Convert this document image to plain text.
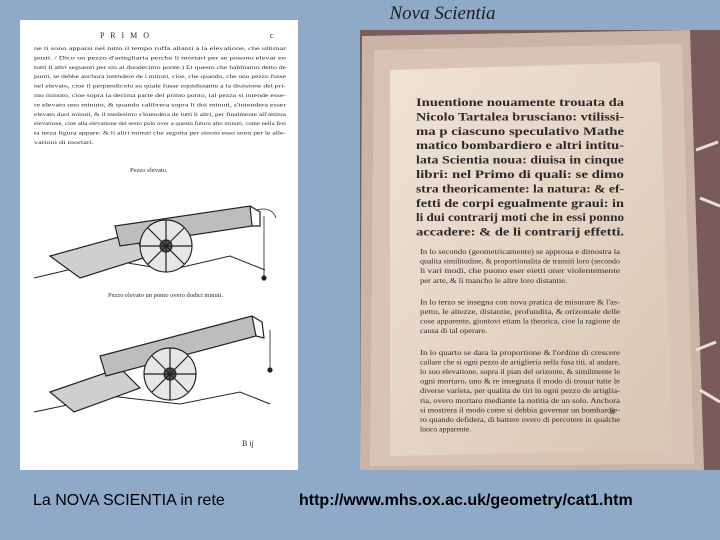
Nova Scientia
P R I M O	c
ne ti sono apparsi nel tutto il tempo ruffa allanti a la elevatione, che ultimar
posti. / Dico un pezzo d'artegliaria perche li mortari per se posono elevar en
tutti li altri seguenti per sin al duodecimo ponte.) Et questo che habbiamo detto de
punti, se debbe anchora intendere de i minuti, cioe, che quando, che uno pezzo fusse
nel elevato, cioe il perpendicolo su quale fusse equidistante a la diuisione del pri-
mo minuto, cioe sopra la decima parte del primo ponto, tal pezzo si intende esse-
re elevato uno minuto, & quando calibrera sopra li dui minuti, s'intendera esser
elevato duoi minuti, & il medesimo s'intendera de tutti li altri, per finalmente all'ottima
elevatione, cioe alla elevatione del sesto polo over a questo futuro alto minuti, come nella fesi
ta terza figura appare: & li altri minuti che seguita per sinoin esso sono per le alle-
vationi di mortari.
Pezzo elevato.
Pezzo elevato un ponto overo dodici minuti.
B ij
Inuentione nouamente trouata da
Nicolo Tartalea brusciano: vtilissi-
ma p ciascuno speculativo Mathe
matico bombardiero e altri intitu-
lata Scientia noua: diuisa in cinque
libri: nel Primo di quali: se dimo
stra theoricamente: la natura: & ef-
fetti de corpi egualmente graui: in
li dui contrarij moti che in essi ponno
accadere: & de li contrarij effetti.
In lo secondo (geometricamente) se approua e dimostra la
qualita similitudine, & proportionalita de transiti loro (secondo
li vari modi, che puono eser eietti oner violentemente
per arte, & li mancho le altre loro distantie.
In lo terzo se insegna con nova pratica de misurare & l'as-
petto, le altezze, distantie, profundita, & orizontale delle
cose apparente, giontovi etiam la theorica, cioe la ragione de
causa di tal operare.
In lo quarto se dara la proportione & l'ordine di crescere
callare che si ogni pezzo de artiglieria nella fusa titi, al andare,
lo suo elevatione, sopra il pian del orizonte, & similmente le
ogni mortaro, uno & re insegnata il modo di trouar tutte le
diverse varieta, per qualita de tiri in ogni pezzo de artiglia-
ria, overo mortaro mediante la notitia de un solo. Anchora
si mostrera il modo come si debbia governar un bombardie-
ro quando defidera, di battere overo di percotere in qualche
luoco apparente.
ii
La NOVA SCIENTIA in rete	http://www.mhs.ox.ac.uk/geometry/cat1.htm
